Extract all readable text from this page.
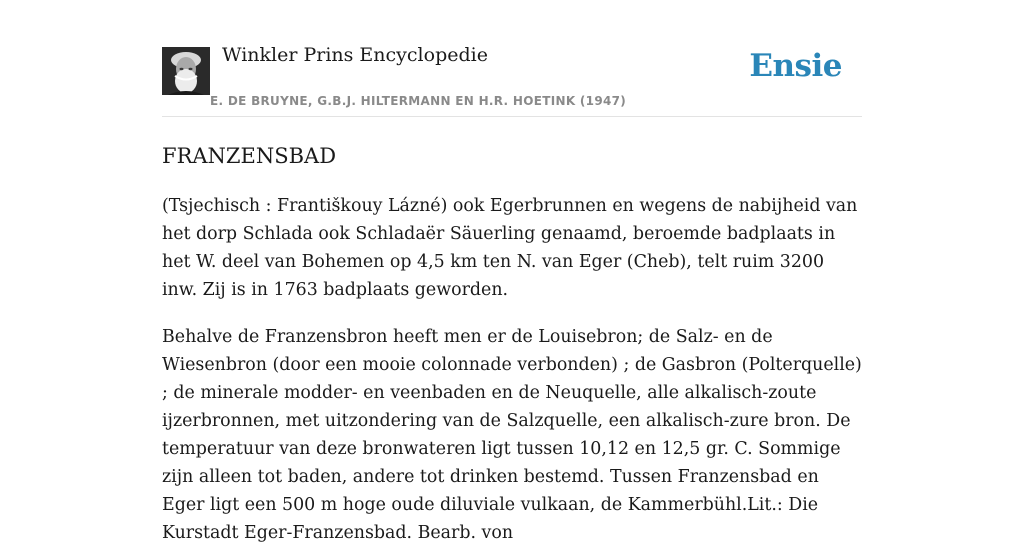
Winkler Prins Encyclopedie

E. DE BRUYNE, G.B.J. HILTERMANN EN H.R. HOETINK (1947)

Ensie
FRANZENSBAD

(Tsjechisch : Františkouy Lázné) ook Egerbrunnen en wegens de nabijheid van het dorp Schlada ook Schladaër Säuerling genaamd, beroemde badplaats in het W. deel van Bohemen op 4,5 km ten N. van Eger (Cheb), telt ruim 3200 inw. Zij is in 1763 badplaats geworden.

Behalve de Franzensbron heeft men er de Louisebron; de Salz- en de Wiesenbron (door een mooie colonnade verbonden) ; de Gasbron (Polterquelle) ; de minerale modder- en veenbaden en de Neuquelle, alle alkalisch-zoute ijzerbronnen, met uitzondering van de Salzquelle, een alkalisch-zure bron. De temperatuur van deze bronwateren ligt tussen 10,12 en 12,5 gr. C. Sommige zijn alleen tot baden, andere tot drinken bestemd. Tussen Franzensbad en Eger ligt een 500 m hoge oude diluviale vulkaan, de Kammerbühl.Lit.: Die Kurstadt Eger-Franzensbad. Bearb. von
